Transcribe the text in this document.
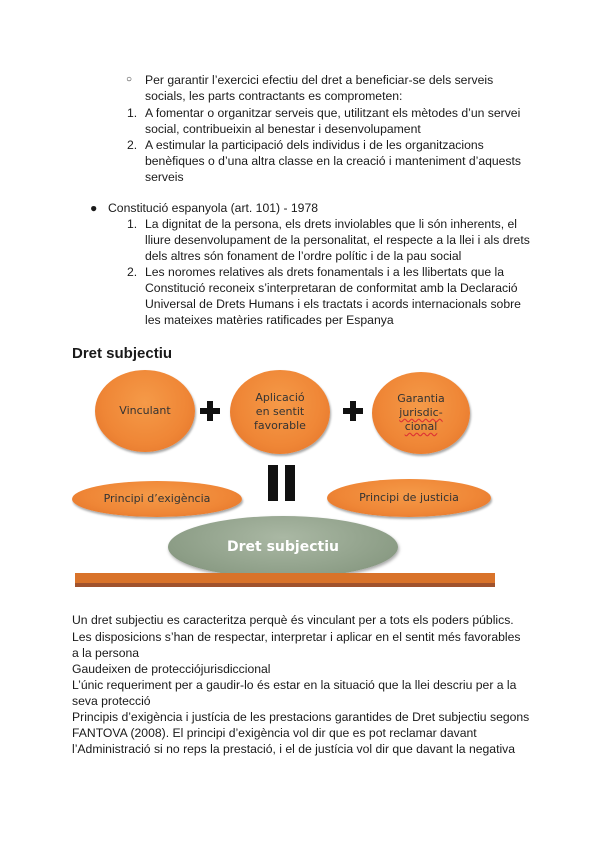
○ Per garantir l’exercici efectiu del dret a beneficiar-se dels serveis
socials, les parts contractants es comprometen:
1. A fomentar o organitzar serveis que, utilitzant els mètodes d’un servei
social, contribueixin al benestar i desenvolupament
2. A estimular la participació dels individus i de les organitzacions
benèfiques o d’una altra classe en la creació i manteniment d’aquests
serveis
● Constitució espanyola (art. 101) - 1978
1. La dignitat de la persona, els drets inviolables que li són inherents, el
lliure desenvolupament de la personalitat, el respecte a la llei i als drets
dels altres són fonament de l’ordre polític i de la pau social
2. Les noromes relatives als drets fonamentals i a les llibertats que la
Constitució reconeix s’interpretaran de conformitat amb la Declaració
Universal de Drets Humans i els tractats i acords internacionals sobre
les mateixes matèries ratificades per Espanya
Dret subjectiu
Vinculant
Aplicació
en sentit
favorable
Garantia
jurisdic-
cional
Principi d’exigència	Principi de justicia
Dret subjectiu
Un dret subjectiu es caracteritza perquè és vinculant per a tots els poders públics.
Les disposicions s’han de respectar, interpretar i aplicar en el sentit més favorables
a la persona
Gaudeixen de protecciójurisdiccional
L’únic requeriment per a gaudir-lo és estar en la situació que la llei descriu per a la
seva protecció
Principis d’exigència i justícia de les prestacions garantides de Dret subjectiu segons
FANTOVA (2008). El principi d’exigència vol dir que es pot reclamar davant
l’Administració si no reps la prestació, i el de justícia vol dir que davant la negativa
